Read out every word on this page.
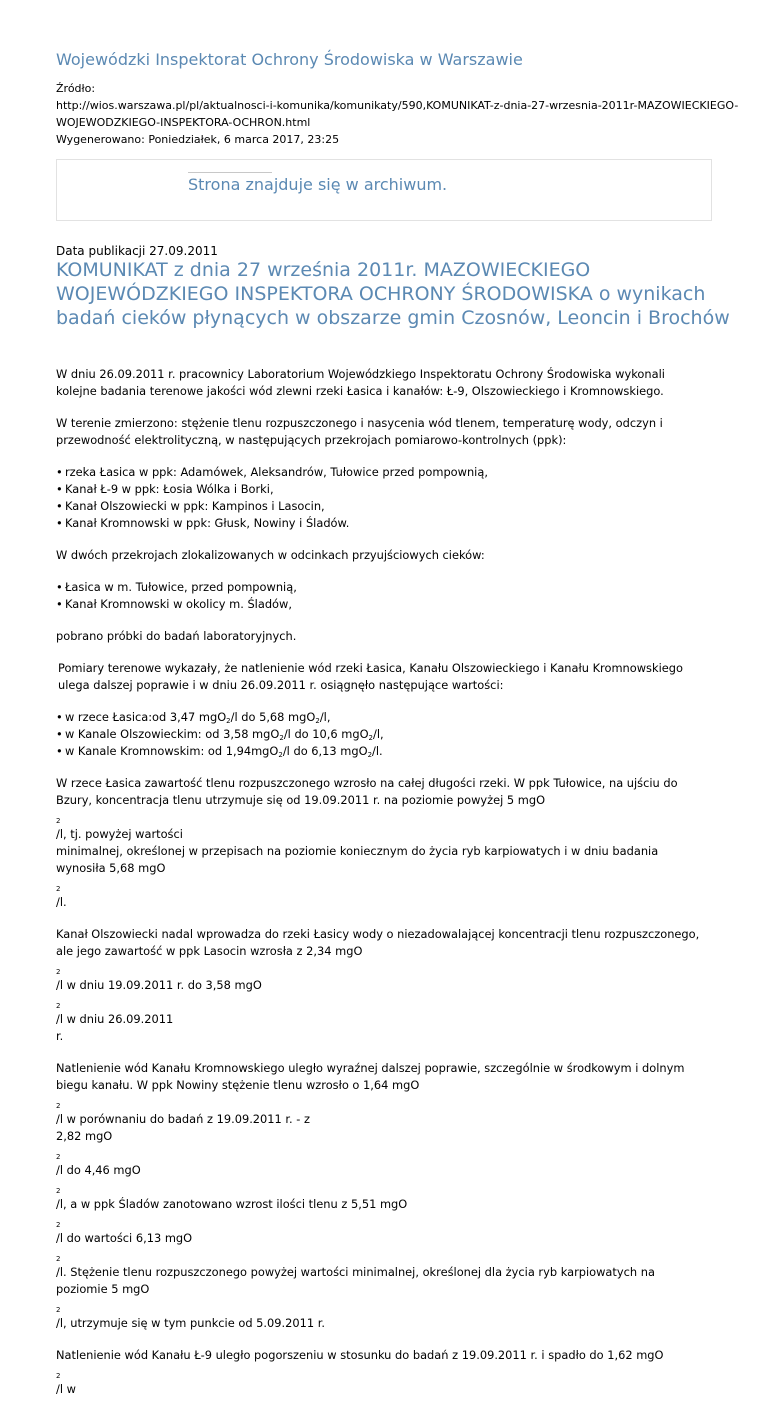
Wojewódzki Inspektorat Ochrony Środowiska w Warszawie
Źródło:
http://wios.warszawa.pl/pl/aktualnosci-i-komunika/komunikaty/590,KOMUNIKAT-z-dnia-27-wrzesnia-2011r-MAZOWIECKIEGO-
WOJEWODZKIEGO-INSPEKTORA-OCHRON.html
Wygenerowano: Poniedziałek, 6 marca 2017, 23:25
Strona znajduje się w archiwum.
Data publikacji 27.09.2011
KOMUNIKAT z dnia 27 września 2011r. MAZOWIECKIEGO
WOJEWÓDZKIEGO INSPEKTORA OCHRONY ŚRODOWISKA o wynikach
badań cieków płynących w obszarze gmin Czosnów, Leoncin i Brochów

W dniu 26.09.2011 r. pracownicy Laboratorium Wojewódzkiego Inspektoratu Ochrony Środowiska wykonali
kolejne badania terenowe jakości wód zlewni rzeki Łasica i kanałów: Ł-9, Olszowieckiego i Kromnowskiego.

W terenie zmierzono: stężenie tlenu rozpuszczonego i nasycenia wód tlenem, temperaturę wody, odczyn i
przewodność elektrolityczną, w następujących przekrojach pomiarowo-kontrolnych (ppk):

• rzeka Łasica w ppk: Adamówek, Aleksandrów, Tułowice przed pompownią,
• Kanał Ł-9 w ppk: Łosia Wólka i Borki,
• Kanał Olszowiecki w ppk: Kampinos i Lasocin,
• Kanał Kromnowski w ppk: Głusk, Nowiny i Śladów.

W dwóch przekrojach zlokalizowanych w odcinkach przyujściowych cieków:

• Łasica w m. Tułowice, przed pompownią,
• Kanał Kromnowski w okolicy m. Śladów,

pobrano próbki do badań laboratoryjnych.

Pomiary terenowe wykazały, że natlenienie wód rzeki Łasica, Kanału Olszowieckiego i Kanału Kromnowskiego
ulega dalszej poprawie i w dniu 26.09.2011 r. osiągnęło następujące wartości:

• w rzece Łasica:od 3,47 mgO$_2$/l do 5,68 mgO$_2$/l,
• w Kanale Olszowieckim: od 3,58 mgO$_2$/l do 10,6 mgO$_2$/l,
• w Kanale Kromnowskim: od 1,94mgO$_2$/l do 6,13 mgO$_2$/l.

W rzece Łasica zawartość tlenu rozpuszczonego wzrosło na całej długości rzeki. W ppk Tułowice, na ujściu do
Bzury, koncentracja tlenu utrzymuje się od 19.09.2011 r. na poziomie powyżej 5 mgO
$_2$
/l, tj. powyżej wartości
minimalnej, określonej w przepisach na poziomie koniecznym do życia ryb karpiowatych i w dniu badania
wynosiła 5,68 mgO
$_2$
/l.

Kanał Olszowiecki nadal wprowadza do rzeki Łasicy wody o niezadowalającej koncentracji tlenu rozpuszczonego,
ale jego zawartość w ppk Lasocin wzrosła z 2,34 mgO
$_2$
/l w dniu 19.09.2011 r. do 3,58 mgO
$_2$
/l w dniu 26.09.2011
r.

Natlenienie wód Kanału Kromnowskiego uległo wyraźnej dalszej poprawie, szczególnie w środkowym i dolnym
biegu kanału. W ppk Nowiny stężenie tlenu wzrosło o 1,64 mgO
$_2$
/l w porównaniu do badań z 19.09.2011 r. - z
2,82 mgO
$_2$
/l do 4,46 mgO
$_2$
/l, a w ppk Śladów zanotowano wzrost ilości tlenu z 5,51 mgO
$_2$
/l do wartości 6,13 mgO
$_2$
/l. Stężenie tlenu rozpuszczonego powyżej wartości minimalnej, określonej dla życia ryb karpiowatych na
poziomie 5 mgO
$_2$
/l, utrzymuje się w tym punkcie od 5.09.2011 r.

Natlenienie wód Kanału Ł-9 uległo pogorszeniu w stosunku do badań z 19.09.2011 r. i spadło do 1,62 mgO
$_2$
/l w
